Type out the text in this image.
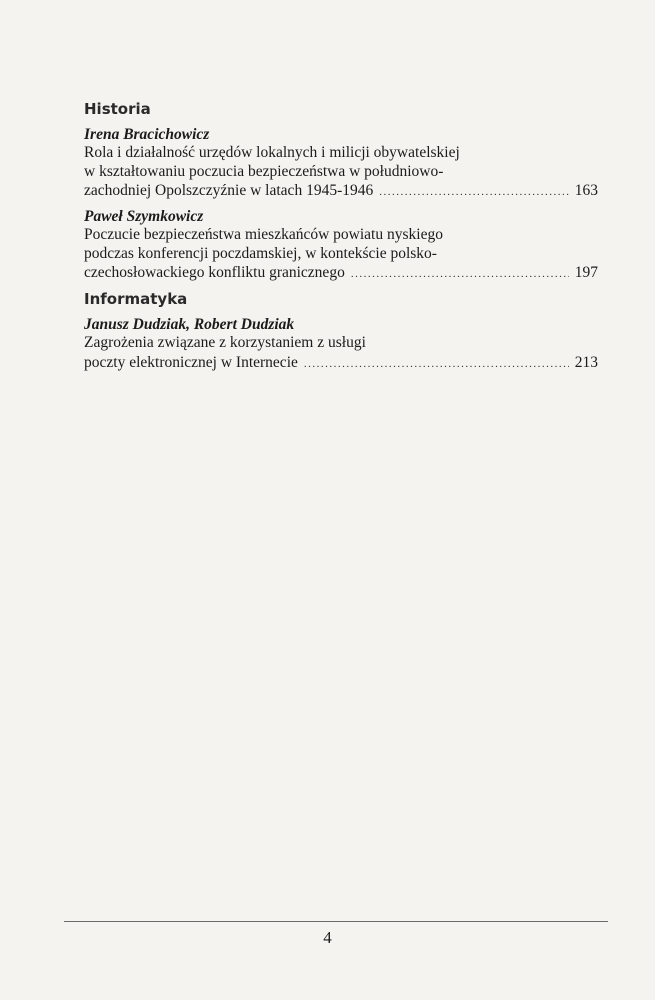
Historia
Irena Bracichowicz
Rola i działalność urzędów lokalnych i milicji obywatelskiej
w kształtowaniu poczucia bezpieczeństwa w południowo-
zachodniej Opolszczyźnie w latach 1945-1946 .....	163
Paweł Szymkowicz
Poczucie bezpieczeństwa mieszkańców powiatu nyskiego
podczas konferencji poczdamskiej, w kontekście polsko-
czechosłowackiego konfliktu granicznego .....	197
Informatyka
Janusz Dudziak, Robert Dudziak
Zagrożenia związane z korzystaniem z usługi
poczty elektronicznej w Internecie .....	213
4
